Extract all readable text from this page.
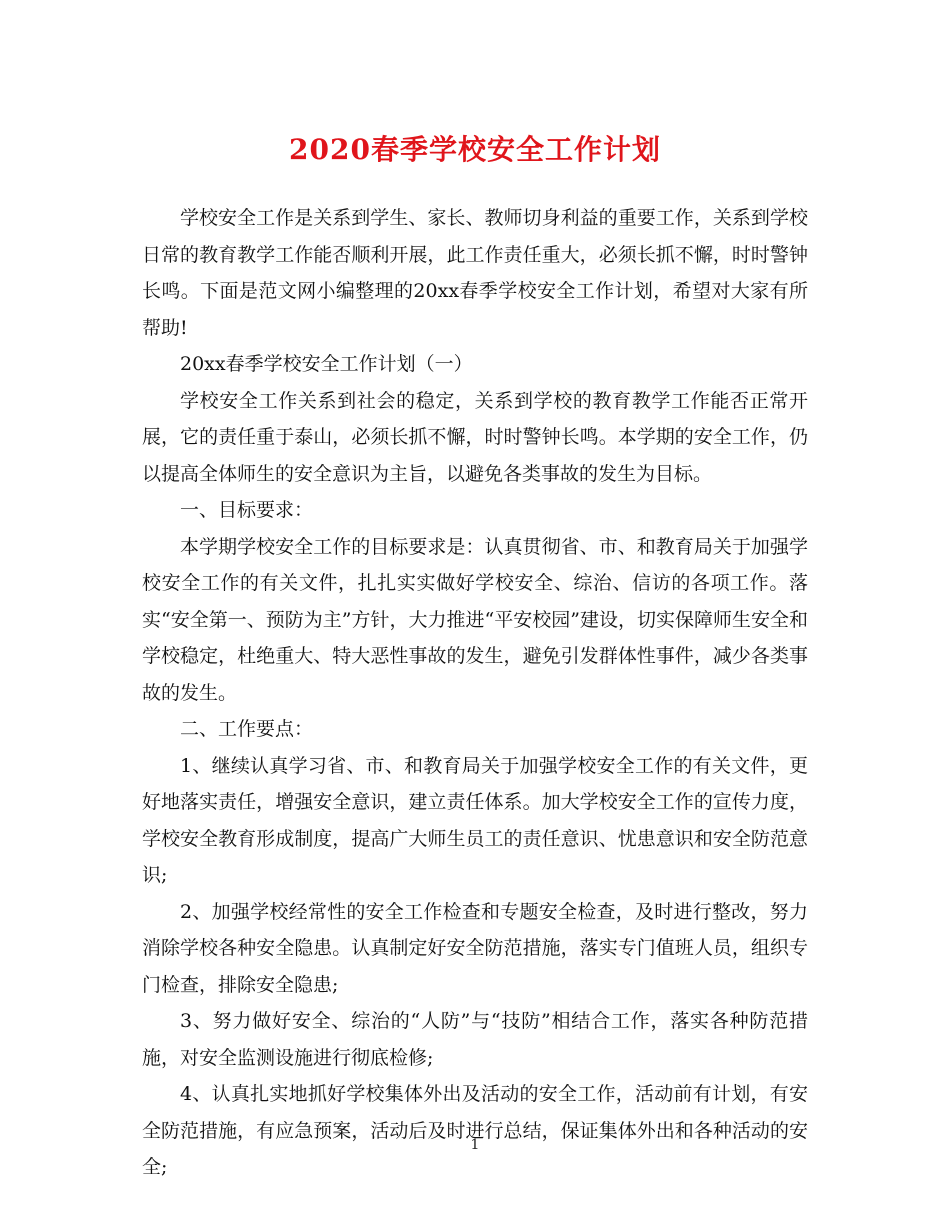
2020春季学校安全工作计划

学校安全工作是关系到学生、家长、教师切身利益的重要工作，关系到学校日常的教育教学工作能否顺利开展，此工作责任重大，必须长抓不懈，时时警钟长鸣。下面是范文网小编整理的20xx春季学校安全工作计划，希望对大家有所帮助!

20xx春季学校安全工作计划（一）

学校安全工作关系到社会的稳定，关系到学校的教育教学工作能否正常开展，它的责任重于泰山，必须长抓不懈，时时警钟长鸣。本学期的安全工作，仍以提高全体师生的安全意识为主旨，以避免各类事故的发生为目标。

一、目标要求：

本学期学校安全工作的目标要求是：认真贯彻省、市、和教育局关于加强学校安全工作的有关文件，扎扎实实做好学校安全、综治、信访的各项工作。落实“安全第一、预防为主”方针，大力推进“平安校园”建设，切实保障师生安全和学校稳定，杜绝重大、特大恶性事故的发生，避免引发群体性事件，减少各类事故的发生。

二、工作要点：

1、继续认真学习省、市、和教育局关于加强学校安全工作的有关文件，更好地落实责任，增强安全意识，建立责任体系。加大学校安全工作的宣传力度，学校安全教育形成制度，提高广大师生员工的责任意识、忧患意识和安全防范意识;

2、加强学校经常性的安全工作检查和专题安全检查，及时进行整改，努力消除学校各种安全隐患。认真制定好安全防范措施，落实专门值班人员，组织专门检查，排除安全隐患;

3、努力做好安全、综治的“人防”与“技防”相结合工作，落实各种防范措施，对安全监测设施进行彻底检修;

4、认真扎实地抓好学校集体外出及活动的安全工作，活动前有计划，有安全防范措施，有应急预案，活动后及时进行总结，保证集体外出和各种活动的安全;

1
